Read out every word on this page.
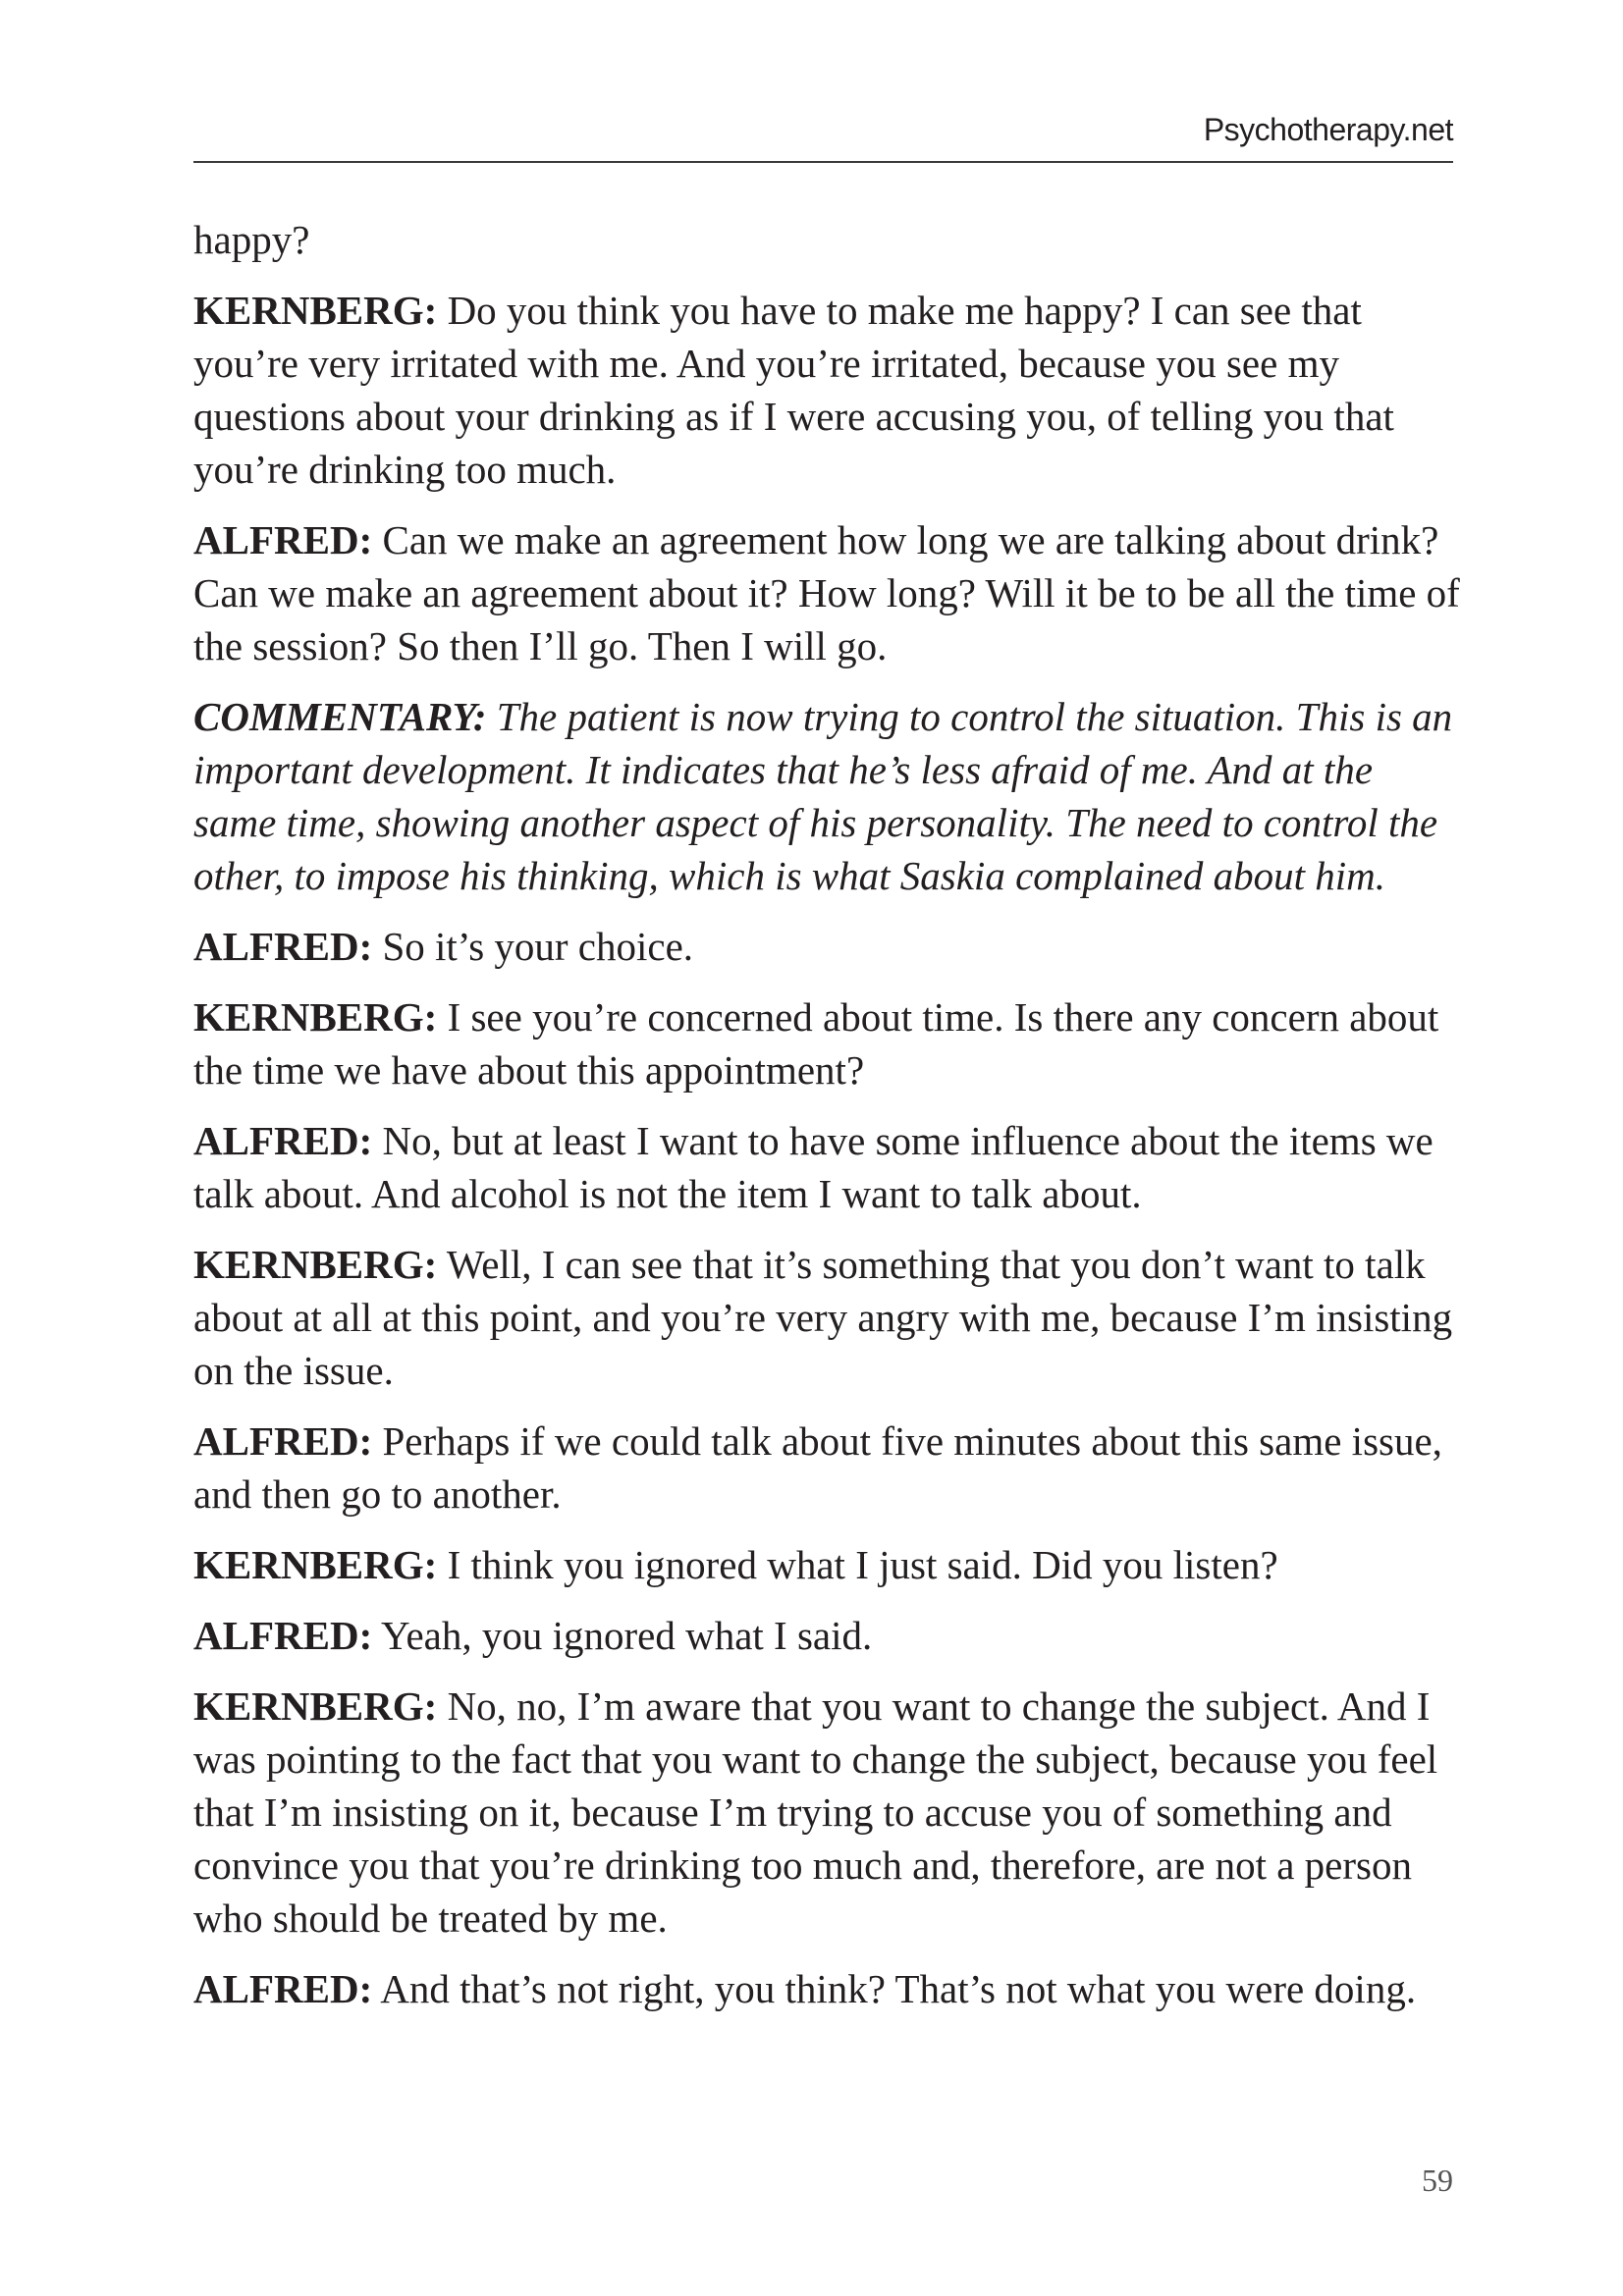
Psychotherapy.net

happy?

KERNBERG: Do you think you have to make me happy? I can see that you’re very irritated with me. And you’re irritated, because you see my questions about your drinking as if I were accusing you, of telling you that you’re drinking too much.

ALFRED: Can we make an agreement how long we are talking about drink? Can we make an agreement about it? How long? Will it be to be all the time of the session? So then I’ll go. Then I will go.

COMMENTARY: The patient is now trying to control the situation. This is an important development. It indicates that he’s less afraid of me. And at the same time, showing another aspect of his personality. The need to control the other, to impose his thinking, which is what Saskia complained about him.

ALFRED: So it’s your choice.

KERNBERG: I see you’re concerned about time. Is there any concern about the time we have about this appointment?

ALFRED: No, but at least I want to have some influence about the items we talk about. And alcohol is not the item I want to talk about.

KERNBERG: Well, I can see that it’s something that you don’t want to talk about at all at this point, and you’re very angry with me, because I’m insisting on the issue.

ALFRED: Perhaps if we could talk about five minutes about this same issue, and then go to another.

KERNBERG: I think you ignored what I just said. Did you listen?

ALFRED: Yeah, you ignored what I said.

KERNBERG: No, no, I’m aware that you want to change the subject. And I was pointing to the fact that you want to change the subject, because you feel that I’m insisting on it, because I’m trying to accuse you of something and convince you that you’re drinking too much and, therefore, are not a person who should be treated by me.

ALFRED: And that’s not right, you think? That’s not what you were doing.

59
